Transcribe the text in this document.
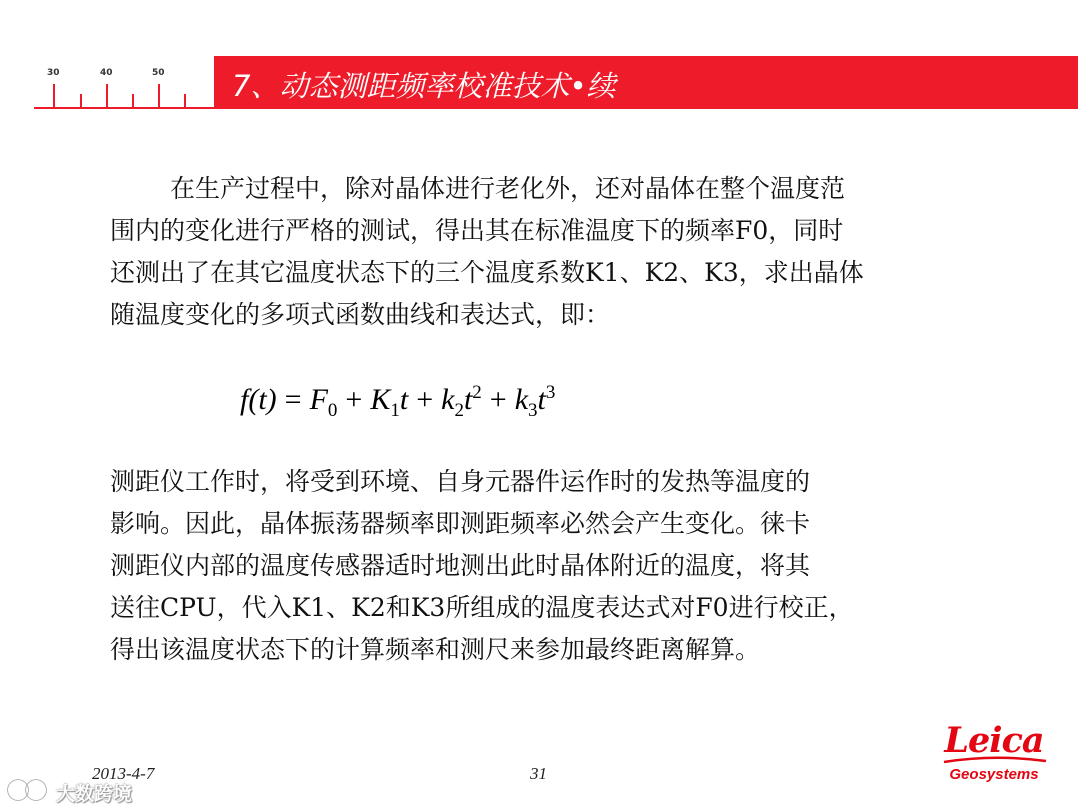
30	40	50 7、动态测距频率校准技术•续
在生产过程中，除对晶体进行老化外，还对晶体在整个温度范
围内的变化进行严格的测试，得出其在标准温度下的频率F0，同时
还测出了在其它温度状态下的三个温度系数K1、K2、K3，求出晶体
随温度变化的多项式函数曲线和表达式，即：
$f(t) = F_0 + K_1t + k_2t^2 + k_3t^3$
测距仪工作时，将受到环境、自身元器件运作时的发热等温度的
影响。因此，晶体振荡器频率即测距频率必然会产生变化。徕卡
测距仪内部的温度传感器适时地测出此时晶体附近的温度，将其
送往CPU，代入K1、K2和K3所组成的温度表达式对F0进行校正，
得出该温度状态下的计算频率和测尺来参加最终距离解算。
2013-4-7	31
Leica
Geosystems
大数跨境
